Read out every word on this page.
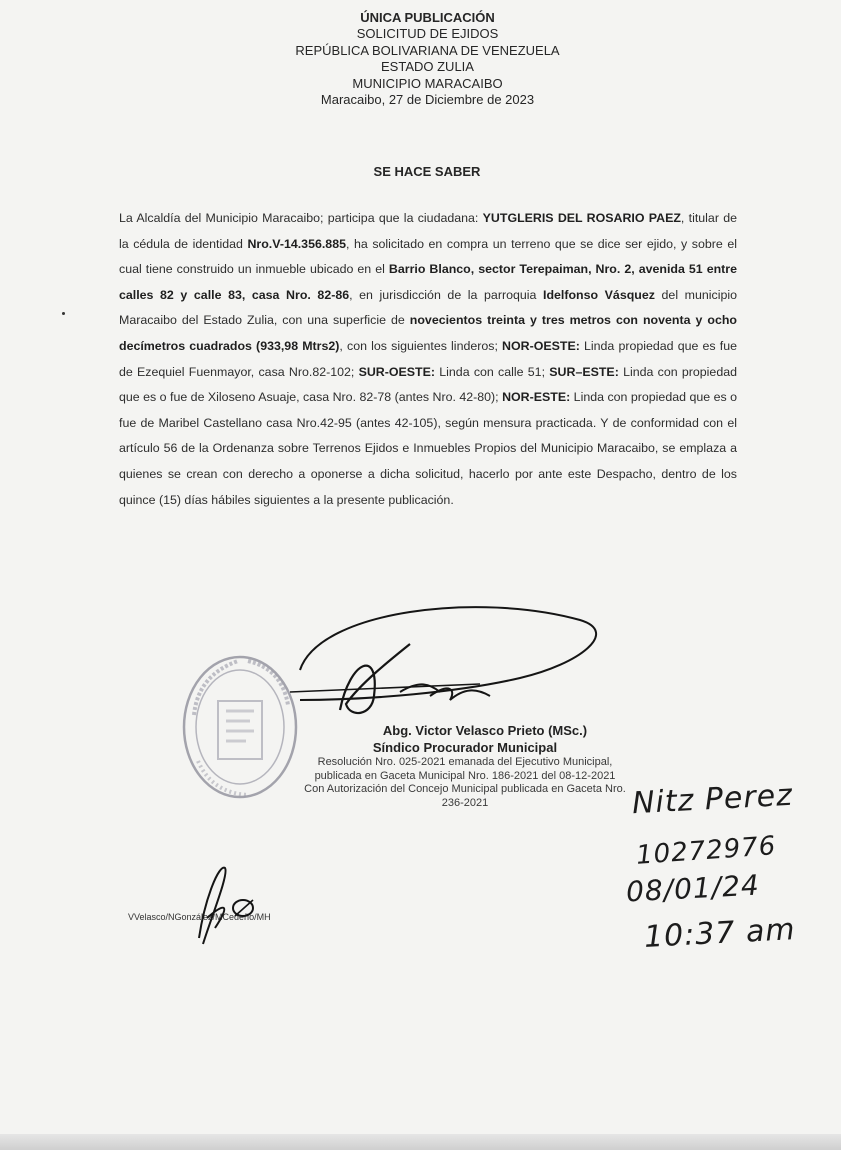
ÚNICA PUBLICACIÓN
SOLICITUD DE EJIDOS
REPÚBLICA BOLIVARIANA DE VENEZUELA
ESTADO ZULIA
MUNICIPIO MARACAIBO
Maracaibo, 27 de Diciembre de 2023
SE HACE SABER
La Alcaldía del Municipio Maracaibo; participa que la ciudadana: YUTGLERIS DEL ROSARIO PAEZ, titular de la cédula de identidad Nro.V-14.356.885, ha solicitado en compra un terreno que se dice ser ejido, y sobre el cual tiene construido un inmueble ubicado en el Barrio Blanco, sector Terepaiman, Nro. 2, avenida 51 entre calles 82 y calle 83, casa Nro. 82-86, en jurisdicción de la parroquia Idelfonso Vásquez del municipio Maracaibo del Estado Zulia, con una superficie de novecientos treinta y tres metros con noventa y ocho decímetros cuadrados (933,98 Mtrs2), con los siguientes linderos; NOR-OESTE: Linda propiedad que es fue de Ezequiel Fuenmayor, casa Nro.82-102; SUR-OESTE: Linda con calle 51; SUR–ESTE: Linda con propiedad que es o fue de Xiloseno Asuaje, casa Nro. 82-78 (antes Nro. 42-80); NOR-ESTE: Linda con propiedad que es o fue de Maribel Castellano casa Nro.42-95 (antes 42-105), según mensura practicada. Y de conformidad con el artículo 56 de la Ordenanza sobre Terrenos Ejidos e Inmuebles Propios del Municipio Maracaibo, se emplaza a quienes se crean con derecho a oponerse a dicha solicitud, hacerlo por ante este Despacho, dentro de los quince (15) días hábiles siguientes a la presente publicación.
Abg. Victor Velasco Prieto (MSc.)
Síndico Procurador Municipal
Resolución Nro. 025-2021 emanada del Ejecutivo Municipal,
publicada en Gaceta Municipal Nro. 186-2021 del 08-12-2021
Con Autorización del Concejo Municipal publicada en Gaceta Nro.
236-2021
VVelasco/NGonzález/MCedeño/MH
Nitz Perez
10272976
08/01/24
10:37 am
